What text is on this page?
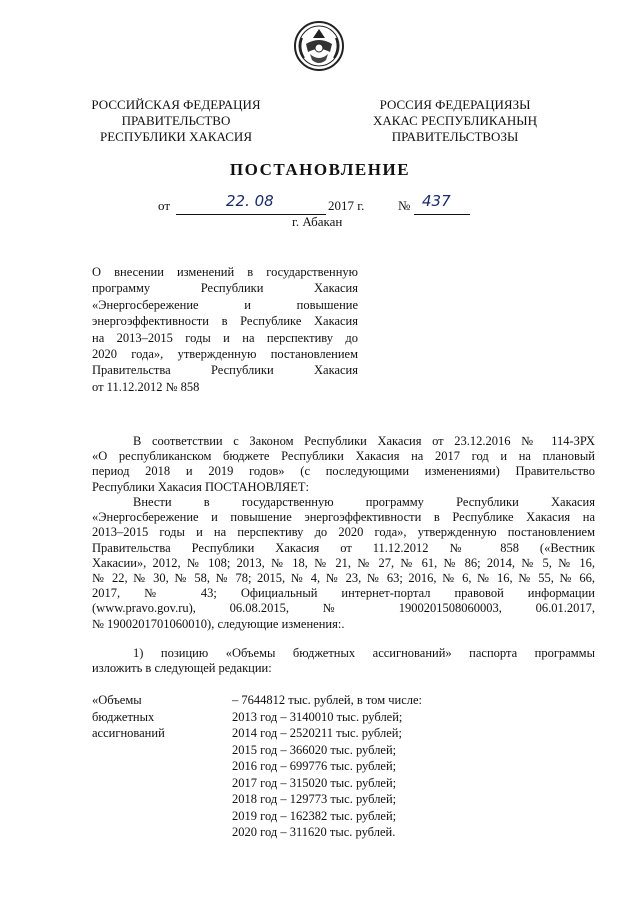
РОССИЙСКАЯ ФЕДЕРАЦИЯ
ПРАВИТЕЛЬСТВО
РЕСПУБЛИКИ ХАКАСИЯ
РОССИЯ ФЕДЕРАЦИЯЗЫ
ХАКАС РЕСПУБЛИКАНЫҢ
ПРАВИТЕЛЬСТВОЗЫ
ПОСТАНОВЛЕНИЕ
от	22. 08	2017 г.	№ 437
г. Абакан
О внесении изменений в государственную
программу Республики Хакасия
«Энергосбережение и повышение
энергоэффективности в Республике Хакасия
на 2013–2015 годы и на перспективу до
2020 года», утвержденную постановлением
Правительства Республики Хакасия
от 11.12.2012 № 858
В соответствии с Законом Республики Хакасия от 23.12.2016 № 114-ЗРХ
«О республиканском бюджете Республики Хакасия на 2017 год и на плановый
период 2018 и 2019 годов» (с последующими изменениями) Правительство
Республики Хакасия ПОСТАНОВЛЯЕТ:
Внести в государственную программу Республики Хакасия
«Энергосбережение и повышение энергоэффективности в Республике Хакасия на
2013–2015 годы и на перспективу до 2020 года», утвержденную постановлением
Правительства Республики Хакасия от 11.12.2012 № 858 («Вестник
Хакасии», 2012, № 108; 2013, № 18, № 21, № 27, № 61, № 86; 2014, № 5, № 16,
№ 22, № 30, № 58, № 78; 2015, № 4, № 23, № 63; 2016, № 6, № 16, № 55, № 66,
2017, № 43; Официальный интернет-портал правовой информации
(www.pravo.gov.ru), 06.08.2015, № 1900201508060003, 06.01.2017,
№ 1900201701060010), следующие изменения:.
1) позицию «Объемы бюджетных ассигнований» паспорта программы
изложить в следующей редакции:
«Объемы
бюджетных
ассигнований
– 7644812 тыс. рублей, в том числе:
2013 год – 3140010 тыс. рублей;
2014 год – 2520211 тыс. рублей;
2015 год – 366020 тыс. рублей;
2016 год – 699776 тыс. рублей;
2017 год – 315020 тыс. рублей;
2018 год – 129773 тыс. рублей;
2019 год – 162382 тыс. рублей;
2020 год – 311620 тыс. рублей.
